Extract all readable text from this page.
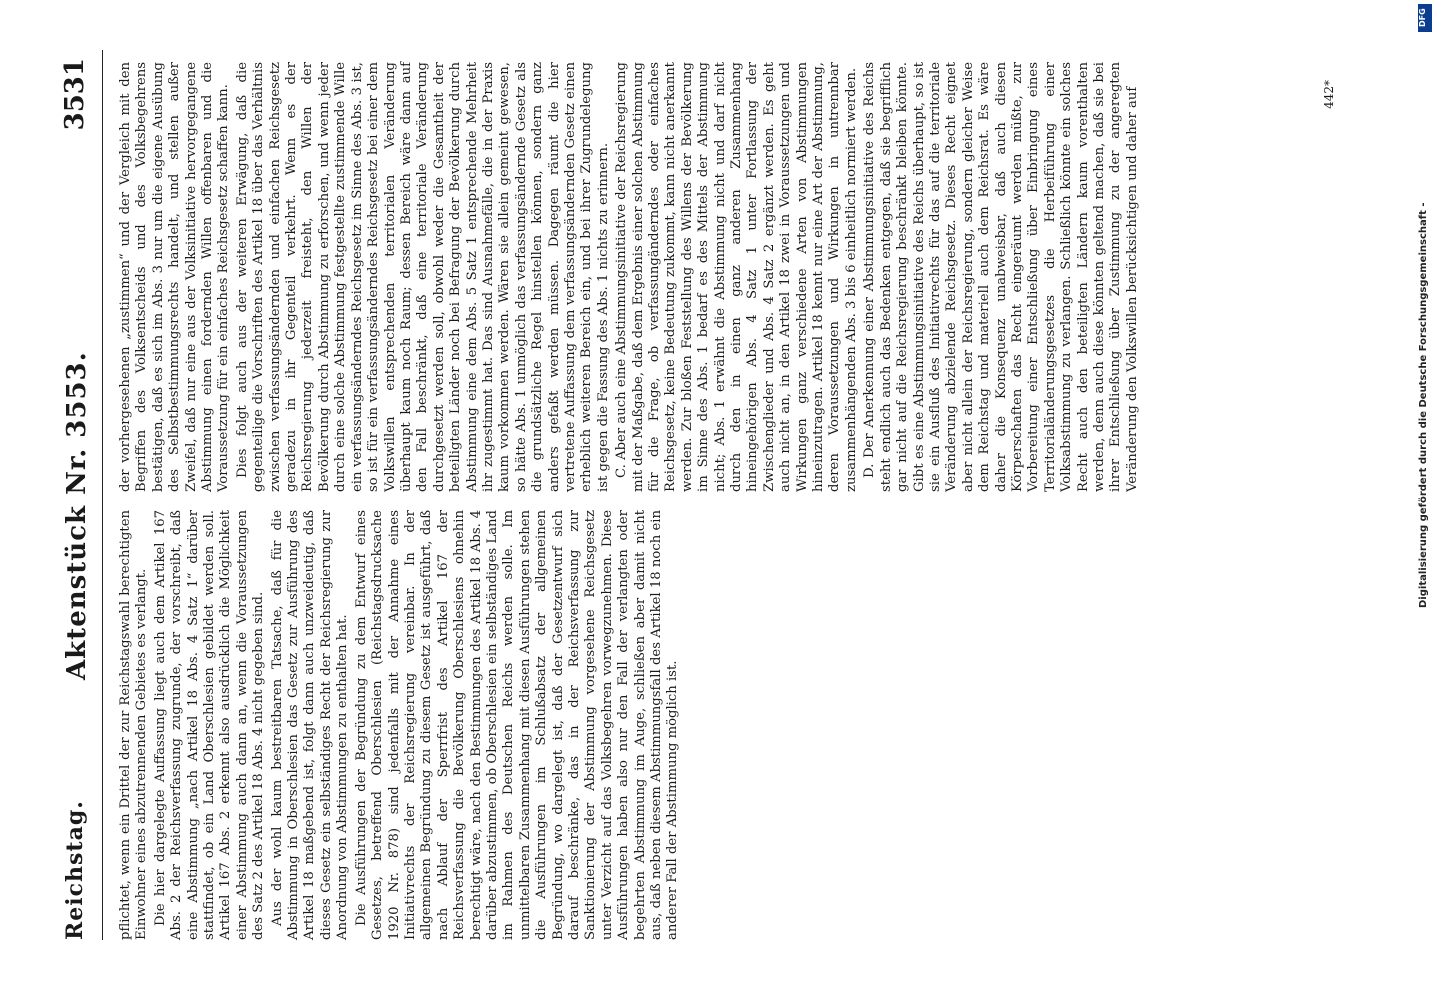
Reichstag.
Aktenstück Nr. 3553.
3531

pflichtet, wenn ein Drittel der zur Reichstagswahl berechtigten Einwohner eines abzutrennenden Gebietes es verlangt. Die hier dargelegte Auffassung liegt auch dem Artikel 167 Abs. 2 der Reichsverfassung zugrunde, der vorschreibt, daß eine Abstimmung „nach Artikel 18 Abs. 4 Satz 1“ darüber stattfindet, ob ein Land Oberschlesien gebildet werden soll. Artikel 167 Abs. 2 erkennt also ausdrücklich die Möglichkeit einer Abstimmung auch dann an, wenn die Voraussetzungen des Satz 2 des Artikel 18 Abs. 4 nicht gegeben sind. Aus der wohl kaum bestreitbaren Tatsache, daß für die Abstimmung in Oberschlesien das Gesetz zur Ausführung des Artikel 18 maßgebend ist, folgt dann auch unzweideutig, daß dieses Gesetz ein selbständiges Recht der Reichsregierung zur Anordnung von Abstimmungen zu enthalten hat. Die Ausführungen der Begründung zu dem Entwurf eines Gesetzes, betreffend Oberschlesien (Reichstagsdrucksache 1920 Nr. 878) sind jedenfalls mit der Annahme eines Initiativrechts der Reichsregierung vereinbar. In der allgemeinen Begründung zu diesem Gesetz ist ausgeführt, daß nach Ablauf der Sperrfrist des Artikel 167 der Reichsverfassung die Bevölkerung Oberschlesiens ohnehin berechtigt wäre, nach den Bestimmungen des Artikel 18 Abs. 4 darüber abzustimmen, ob Oberschlesien ein selbständiges Land im Rahmen des Deutschen Reichs werden solle. Im unmittelbaren Zusammenhang mit diesen Ausführungen stehen die Ausführungen im Schlußabsatz der allgemeinen Begründung, wo dargelegt ist, daß der Gesetzentwurf sich darauf beschränke, das in der Reichsverfassung zur Sanktionierung der Abstimmung vorgesehene Reichsgesetz unter Verzicht auf das Volksbegehren vorwegzunehmen. Diese Ausführungen haben also nur den Fall der verlangten oder begehrten Abstimmung im Auge, schließen aber damit nicht aus, daß neben diesem Abstimmungsfall des Artikel 18 noch ein anderer Fall der Abstimmung möglich ist.

der vorhergesehenen „zustimmen“ und der Vergleich mit den Begriffen des Volksentscheids und des Volksbegehrens bestätigen, daß es sich im Abs. 3 nur um die eigene Ausübung des Selbstbestimmungsrechts handelt, und stellen außer Zweifel, daß nur eine aus der Volksinitiative hervorgegangene Abstimmung einen fordernden Willen offenbaren und die Voraussetzung für ein einfaches Reichsgesetz schaffen kann. Dies folgt auch aus der weiteren Erwägung, daß die gegenteilige die Vorschriften des Artikel 18 über das Verhältnis zwischen verfassungsändernden und einfachen Reichsgesetz geradezu in ihr Gegenteil verkehrt. Wenn es der Reichsregierung jederzeit freisteht, den Willen der Bevölkerung durch Abstimmung zu erforschen, und wenn jeder durch eine solche Abstimmung festgestellte zustimmende Wille ein verfassungsänderndes Reichsgesetz im Sinne des Abs. 3 ist, so ist für ein verfassungsänderndes Reichsgesetz bei einer dem Volkswillen entsprechenden territorialen Veränderung überhaupt kaum noch Raum; dessen Bereich wäre dann auf den Fall beschränkt, daß eine territoriale Veränderung durchgesetzt werden soll, obwohl weder die Gesamtheit der beteiligten Länder noch bei Befragung der Bevölkerung durch Abstimmung eine dem Abs. 5 Satz 1 entsprechende Mehrheit ihr zugestimmt hat. Das sind Ausnahmefälle, die in der Praxis kaum vorkommen werden. Wären sie allein gemeint gewesen, so hätte Abs. 1 unmöglich das verfassungsändernde Gesetz als die grundsätzliche Regel hinstellen können, sondern ganz anders gefaßt werden müssen. Dagegen räumt die hier vertretene Auffassung dem verfassungsändernden Gesetz einen erheblich weiteren Bereich ein, und bei ihrer Zugrundelegung ist gegen die Fassung des Abs. 1 nichts zu erinnern. C. Aber auch eine Abstimmungsinitiative der Reichsregierung mit der Maßgabe, daß dem Ergebnis einer solchen Abstimmung für die Frage, ob verfassungänderndes oder einfaches Reichsgesetz, keine Bedeutung zukommt, kann nicht anerkannt werden. Zur bloßen Feststellung des Willens der Bevölkerung im Sinne des Abs. 1 bedarf es des Mittels der Abstimmung nicht; Abs. 1 erwähnt die Abstimmung nicht und darf nicht durch den in einen ganz anderen Zusammenhang hineingehörigen Abs. 4 Satz 1 unter Fortlassung der Zwischenglieder und Abs. 4 Satz 2 ergänzt werden. Es geht auch nicht an, in den Artikel 18 zwei in Voraussetzungen und Wirkungen ganz verschiedene Arten von Abstimmungen hineinzutragen. Artikel 18 kennt nur eine Art der Abstimmung, deren Voraussetzungen und Wirkungen in untrennbar zusammenhängenden Abs. 3 bis 6 einheitlich normiert werden. D. Der Anerkennung einer Abstimmungsinitiative des Reichs steht endlich auch das Bedenken entgegen, daß sie begrifflich gar nicht auf die Reichsregierung beschränkt bleiben könnte. Gibt es eine Abstimmungsinitiative des Reichs überhaupt, so ist sie ein Ausfluß des Initiativrechts für das auf die territoriale Veränderung abzielende Reichsgesetz. Dieses Recht eignet aber nicht allein der Reichsregierung, sondern gleicher Weise dem Reichstag und materiell auch dem Reichsrat. Es wäre daher die Konsequenz unabweisbar, daß auch diesen Körperschaften das Recht eingeräumt werden müßte, zur Vorbereitung einer Entschließung über Einbringung eines Territorialänderungsgesetzes die Herbeiführung einer Volksabstimmung zu verlangen. Schließlich könnte ein solches Recht auch den beteiligten Ländern kaum vorenthalten werden, denn auch diese könnten geltend machen, daß sie bei ihrer Entschließung über Zustimmung zu der angeregten Veränderung den Volkswillen berücksichtigen und daher auf	442*
DFG
Digitalisierung gefördert durch die Deutsche Forschungsgemeinschaft -
